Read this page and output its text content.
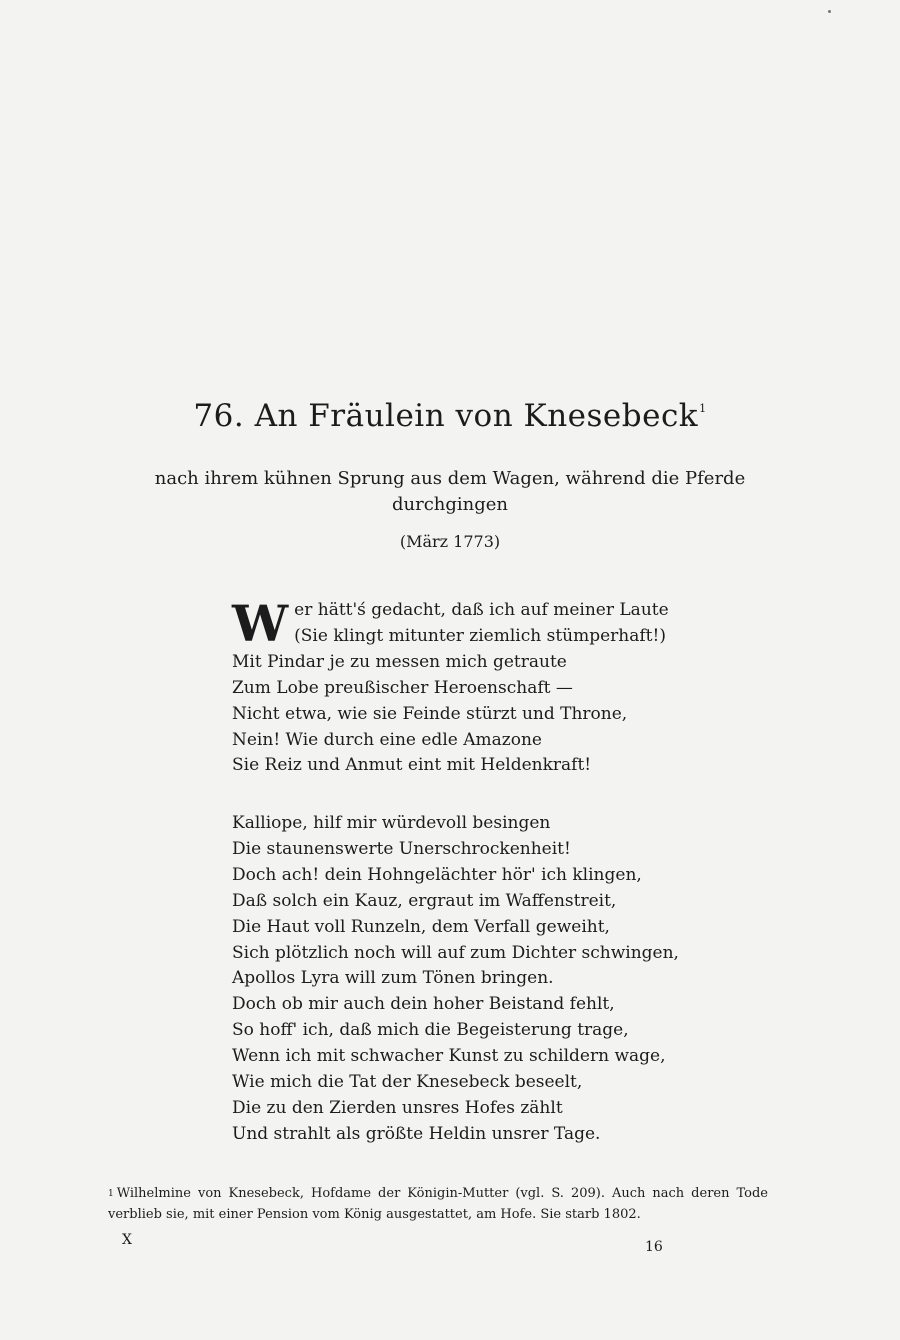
76. An Fräulein von Knesebeck$^1$
nach ihrem kühnen Sprung aus dem Wagen, während die Pferde durchgingen
(März 1773)
W er hätt'ś gedacht, daß ich auf meiner Laute
(Sie klingt mitunter ziemlich stümperhaft!)
Mit Pindar je zu messen mich getraute
Zum Lobe preußischer Heroenschaft —
Nicht etwa, wie sie Feinde stürzt und Throne,
Nein! Wie durch eine edle Amazone
Sie Reiz und Anmut eint mit Heldenkraft!
Kalliope, hilf mir würdevoll besingen
Die staunenswerte Unerschrockenheit!
Doch ach! dein Hohngelächter hör' ich klingen,
Daß solch ein Kauz, ergraut im Waffenstreit,
Die Haut voll Runzeln, dem Verfall geweiht,
Sich plötzlich noch will auf zum Dichter schwingen,
Apollos Lyra will zum Tönen bringen.
Doch ob mir auch dein hoher Beistand fehlt,
So hoff' ich, daß mich die Begeisterung trage,
Wenn ich mit schwacher Kunst zu schildern wage,
Wie mich die Tat der Knesebeck beseelt,
Die zu den Zierden unsres Hofes zählt
Und strahlt als größte Heldin unsrer Tage.
$^1$ Wilhelmine von Knesebeck, Hofdame der Königin-Mutter (vgl. S. 209). Auch nach deren Tode verblieb sie, mit einer Pension vom König ausgestattet, am Hofe. Sie starb 1802.
X	16
